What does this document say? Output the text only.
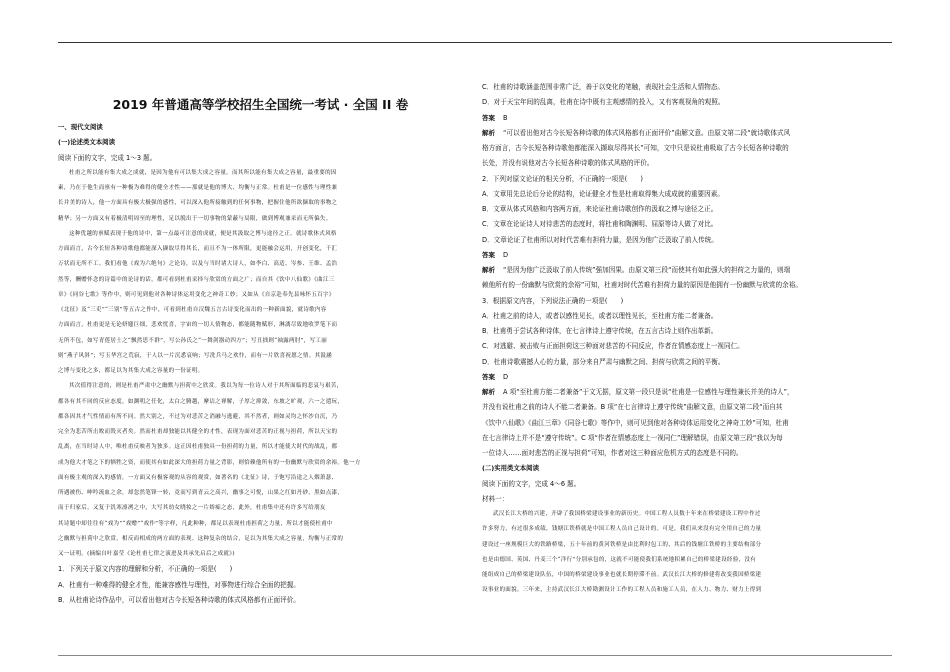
2019 年普通高等学校招生全国统一考试 · 全国 II 卷
一、现代文阅读
(一)论述类文本阅读
阅读下面的文字，完成 1～3 题。
杜甫之所以能有集大成之成就，是因为他有可以集大成之容量。而其所以能有集大成之容量，最重要的因
素，乃在于他生而禀有一种极为难得的健全才性——那就是他的博大、均衡与正常。杜甫是一位感性与理性兼
长并美的诗人，他一方面具有极大极强的感性，可以深入他所接触到的任何事物，把握住他所欲撷取的事物之
精华；另一方面又有着极清明周至的理性，足以脱出于一切事物的蒙蔽与局限，做到博观兼采而无所偏失。
这种优越的禀赋表现于他的诗中，第一点最可注意的成就，便是其汲取之博与途径之正。就诗歌体式风格
方面而言，古今长短各种诗歌他都能深入撷取尽得其长，而且不为一体所限，更能融会运用，开创变化，千汇
万状而无所不工。我们看他《戏为六绝句》之论诗，以及与当时诸大诗人，如李白、高适、岑参、王维、孟浩
然等，酬赠怀念的诗篇中的论诗的话，都可看到杜甫采择与欣赏的方面之广；而自其《饮中八仙歌》《曲江三
章》《同谷七歌》等作中，则可见到他对各种诗体运用变化之神奇工妙；又如从《自京赴奉先县咏怀五百字》
《北征》及“三吏”“三别”等五古之作中，可看到杜甫自汉魏五言古诗变化而出的一种新面貌，就诗歌内容
方面而言，杜甫更是无论妍媸巨细，悲欢忧喜，宇宙的一切人情物态，都能随物赋形，淋漓尽致地收罗笔下而
无所不包，如写青莲居士之“飘然思不群”，写公孙氏之“一舞剑器动四方”；写丑拙则“袖露两肘”，写工丽
则“燕子风斜”；写玉华宫之荒寂，于人以一片沉悉哀响；写洗兵马之欢忭，而有一片欣喜祝愿之情。其汲涵
之博与变化之多，都足以为其集大成之容量的一份证明。
其次值得注意的，则是杜甫严肃中之幽默与担荷中之欣赏。我以为每一位诗人对于其所面临的悲哀与艰苦，
都各有其不同的反应态度。如渊明之任化，太白之腾越，摩诘之禅解，子厚之抑敛，东坡之旷观，六一之遣玩，
都各因其才气性情而有所不同。然大别之，不过为对悲苦之消融与逃避，其不然者，则如灵均之怀沙自沉，乃
完全为悲苦所击败而毁灭者矣。然而杜甫却独能以其健全的才性，表现为面对悲苦的正视与担荷，所以天宝的
乱离，在当时诗人中，唯杜甫反映者为独多。这正因杜甫独具一份担荷的力量，所以才能使大时代的战乱，都
成为他大才笔之下的牺牲之资，而使其有如此深大的担荷力量之背影，则恰赖他所有的一份幽默与欣赏的余裕。他一方
面有极主观的深入的感情，一方面又有极客观的从容的观赏，如著名的《北征》诗，于饱写沿途之人烟萧瑟、
所遇被伤、呻吟流血之余，却忽然笔锋一转，竟而写到青云之高兴，幽事之可悦，山果之红如丹砂，黑如点漆，
而于归家后，又复于饥寒凛冽之中，大写其幼女晓妆之一片娇痴之态，此外，杜甫集中还有许多写给朋友
其诗题中却往往有“戏为”“戏赠”“戏作”等字样，凡此种种，都足以表现杜甫担荷之力量，所以才能使杜甫中
之幽默与担荷中之欣赏，相反而相成的两方面的表现。这种复杂的结合，足以为其集大成之容量，均衡与正常的
又一证明。(摘编自叶嘉莹《论杜甫七律之演进及其承先启后之成就》)
1．下列关于原文内容的理解和分析，不正确的一项是(　　)
A．杜甫有一种难得的健全才性，能兼容感性与理性，对事物进行综合全面的把握。
B．从杜甫论诗作品中，可以看出他对古今长短各种诗歌的体式风格都有正面评价。
C．杜甫的诗歌涵盖范围非常广泛，善于以变化的笔触，表现社会生活和人情物态。
D．对于天宝年间的乱离，杜甫在诗中既有主观感情的投入，又有客观视角的观照。
答案 B
解析 “可以看出他对古今长短各种诗歌的体式风格都有正面评价”曲解文意。由原文第二段“就诗歌体式风
格方面言，古今长短各种诗歌他都能深入撷取尽得其长”可知，文中只是说杜甫吸取了古今长短各种诗歌的
长处，并没有说他对古今长短各种诗歌的体式风格的评价。
2．下列对原文论证的相关分析，不正确的一项是(　　)
A．文章用先总论后分论的结构，论证健全才性是杜甫取得集大成成就的重要因素。
B．文章从体式风格和内容两方面，来论证杜甫诗歌创作的汲取之博与途径之正。
C．文章在论证诗人对待悲苦的态度时，将杜甫和陶渊明、屈原等诗人做了对比。
D．文章论证了杜甫所以对时代苦难有担荷力量，是因为他广泛汲取了前人传统。
答案 D
解析 “是因为他广泛汲取了前人传统”强加因果。由原文第三段“而使其有如此强大的担荷之力量的，则端
赖他所有的一份幽默与欣赏的余裕”可知，杜甫对时代苦难有担荷力量的原因是他拥有一份幽默与欣赏的余裕。
3．根据原文内容，下列说法正确的一项是(　　)
A．杜甫之前的诗人，或者以感性见长，或者以理性见长，至杜甫方能二者兼备。
B．杜甫勇于尝试各种诗体，在七言律诗上遵守传统，在五言古诗上则作出革新。
C．对逃避、被击败与正面担荷这三种面对悲苦的不同反应，作者在情感态度上一视同仁。
D．杜甫诗歌震撼人心的力量，部分来自严肃与幽默之间、担荷与欣赏之间的平衡。
答案 D
解析 A 项“至杜甫方能二者兼备”于文无据，原文第一段只是说“杜甫是一位感性与理性兼长并美的诗人”，
并没有说杜甫之前的诗人不能二者兼备。B 项“在七言律诗上遵守传统”曲解文意，由原文第二段“而自其
《饮中八仙歌》《曲江三章》《同谷七歌》等作中，则可见到他对各种诗体运用变化之神奇工妙”可知，杜甫
在七言律诗上并不是“遵守传统”。C 项“作者在情感态度上一视同仁”理解错误，由原文第三段“我以为每
一位诗人……面对悲苦的正视与担荷”可知，作者对这三种面应危机方式的态度是不同的。
(二)实用类文本阅读
阅读下面的文字，完成 4～6 题。
材料一：
武汉长江大桥的兴建，开辟了我国桥梁建设事业的新历史。中国工程人员数十年来在桥梁建设工程中作过
许多努力，有过很多成绩，钱塘江铁桥就是中国工程人员自己设计的。可是，我们从来没有完全用自己的力量
建设过一座规模巨大的铁路桥梁，五十年前的黄河铁桥是由比利时包工的，其后的钱塘江铁桥的主要结构部分
也是由德国、英国、丹麦三个“洋行”分别承包的，这就不可能使我们系统地积累自己的桥梁建设经验，没有
能组成自己的桥梁建设队伍，中国的桥梁建设事业也就长期停滞不前。武汉长江大桥的修建将改变我国桥梁建
设事业的面貌。三年来，主持武汉长江大桥勘测设计工作的工程人员和施工人员，在人力、物力、财力上得到
